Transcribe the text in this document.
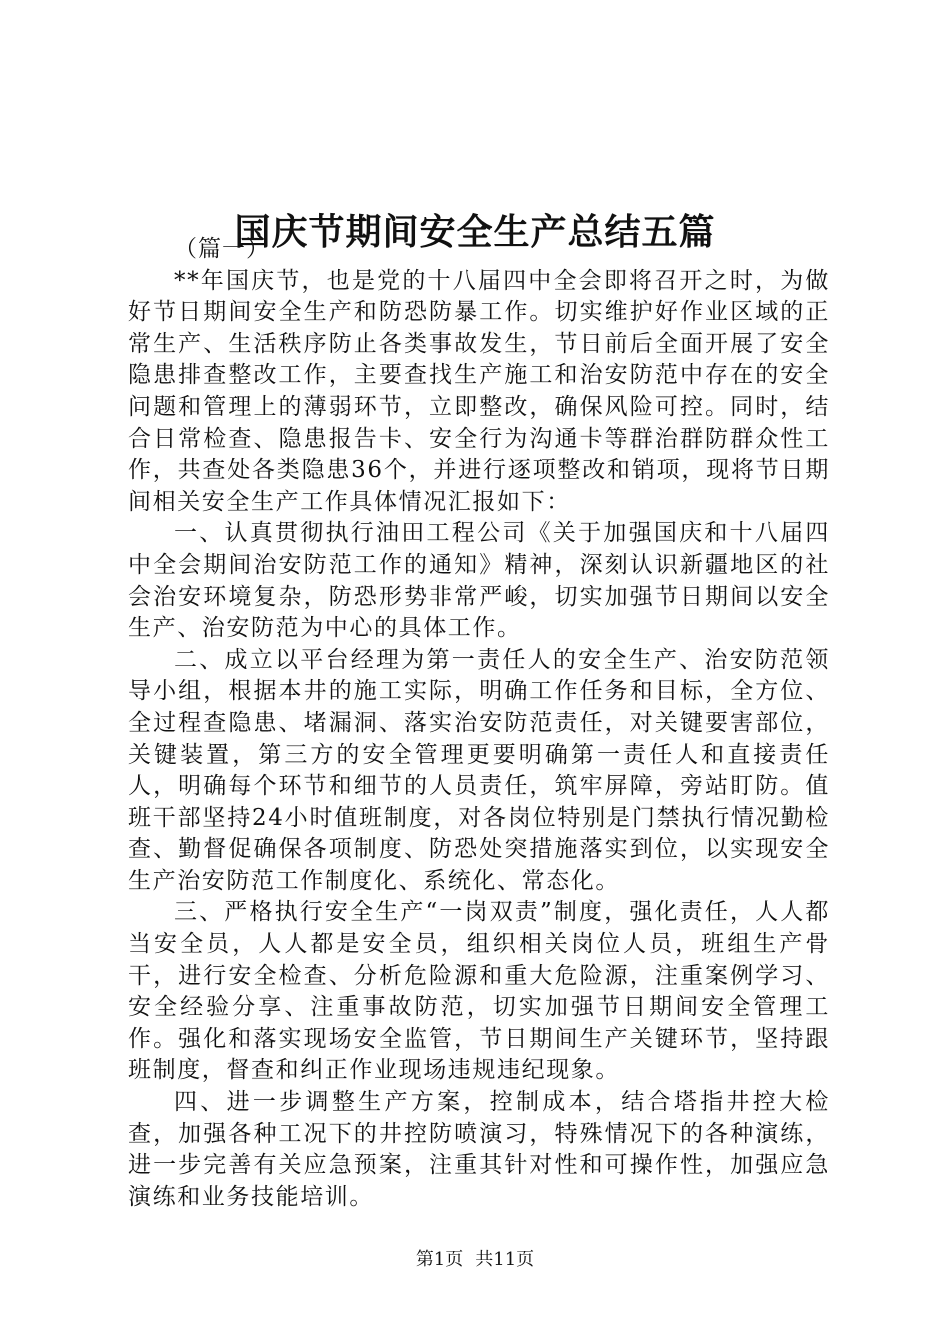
国庆节期间安全生产总结五篇

（篇一）

**年国庆节，也是党的十八届四中全会即将召开之时，为做好节日期间安全生产和防恐防暴工作。切实维护好作业区域的正常生产、生活秩序防止各类事故发生，节日前后全面开展了安全隐患排查整改工作，主要查找生产施工和治安防范中存在的安全问题和管理上的薄弱环节，立即整改，确保风险可控。同时，结合日常检查、隐患报告卡、安全行为沟通卡等群治群防群众性工作，共查处各类隐患36个，并进行逐项整改和销项，现将节日期间相关安全生产工作具体情况汇报如下：

一、认真贯彻执行油田工程公司《关于加强国庆和十八届四中全会期间治安防范工作的通知》精神，深刻认识新疆地区的社会治安环境复杂，防恐形势非常严峻，切实加强节日期间以安全生产、治安防范为中心的具体工作。

二、成立以平台经理为第一责任人的安全生产、治安防范领导小组，根据本井的施工实际，明确工作任务和目标，全方位、全过程查隐患、堵漏洞、落实治安防范责任，对关键要害部位，关键装置，第三方的安全管理更要明确第一责任人和直接责任人，明确每个环节和细节的人员责任，筑牢屏障，旁站盯防。值班干部坚持24小时值班制度，对各岗位特别是门禁执行情况勤检查、勤督促确保各项制度、防恐处突措施落实到位，以实现安全生产治安防范工作制度化、系统化、常态化。

三、严格执行安全生产“一岗双责”制度，强化责任，人人都当安全员，人人都是安全员，组织相关岗位人员，班组生产骨干，进行安全检查、分析危险源和重大危险源，注重案例学习、安全经验分享、注重事故防范，切实加强节日期间安全管理工作。强化和落实现场安全监管，节日期间生产关键环节，坚持跟班制度，督查和纠正作业现场违规违纪现象。

四、进一步调整生产方案，控制成本，结合塔指井控大检查，加强各种工况下的井控防喷演习，特殊情况下的各种演练，进一步完善有关应急预案，注重其针对性和可操作性，加强应急演练和业务技能培训。

第1页 共11页
